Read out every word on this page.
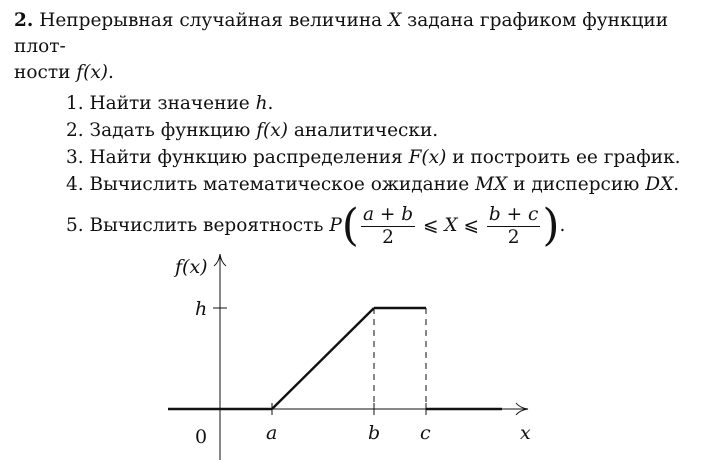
2. Непрерывная случайная величина X задана графиком функции плот-
ности f(x).
1. Найти значение h.
2. Задать функцию f(x) аналитически.
3. Найти функцию распределения F(x) и построить ее график.
4. Вычислить математическое ожидание MX и дисперсию DX.
5. Вычислить вероятность $P( \frac{a + b}{2}$ ⩽ X ⩽ $\frac{b + c}{2}$ ).
f(x)
h
0	a	b c	x
